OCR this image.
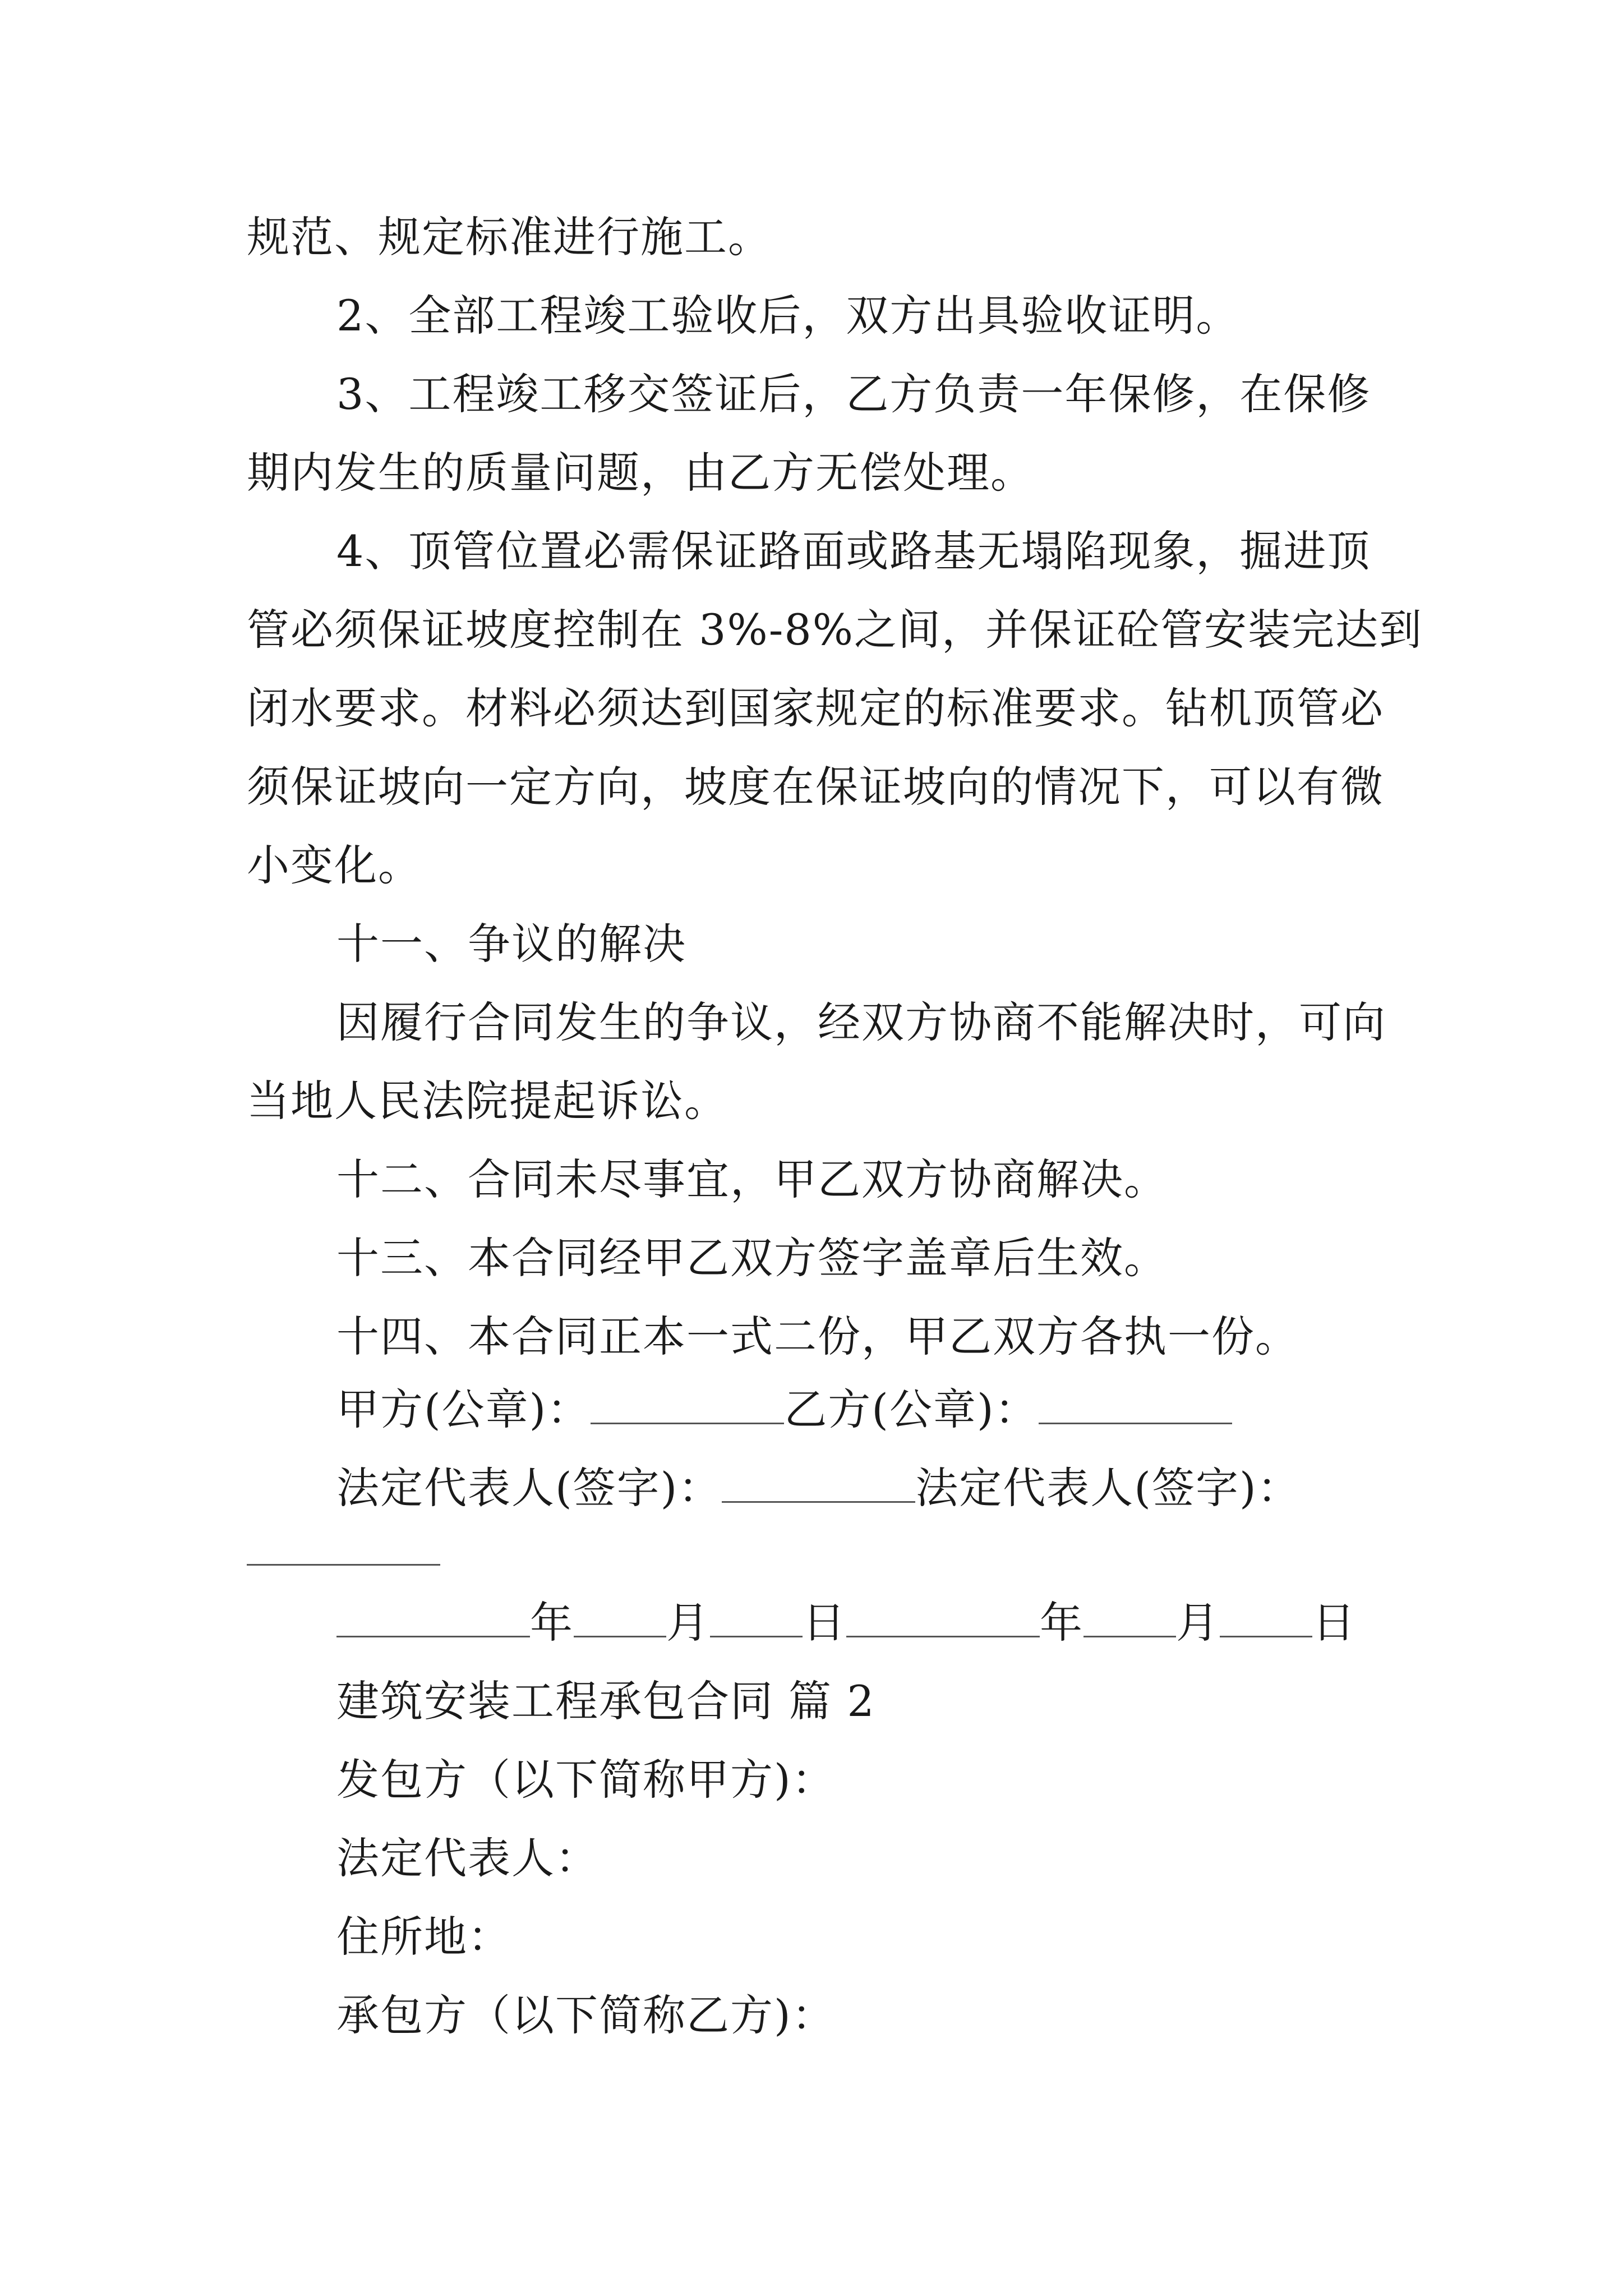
规范、规定标准进行施工。
2、全部工程竣工验收后，双方出具验收证明。
3、工程竣工移交签证后，乙方负责一年保修，在保修
期内发生的质量问题，由乙方无偿处理。
4、顶管位置必需保证路面或路基无塌陷现象，掘进顶
管必须保证坡度控制在 3%-8%之间，并保证砼管安装完达到
闭水要求。材料必须达到国家规定的标准要求。钻机顶管必
须保证坡向一定方向，坡度在保证坡向的情况下，可以有微
小变化。
十一、争议的解决
因履行合同发生的争议，经双方协商不能解决时，可向
当地人民法院提起诉讼。
十二、合同未尽事宜，甲乙双方协商解决。
十三、本合同经甲乙双方签字盖章后生效。
十四、本合同正本一式二份，甲乙双方各执一份。
甲方(公章)：	乙方(公章)：
法定代表人(签字)：	法定代表人(签字)：
年 月 日	年 月 日
建筑安装工程承包合同 篇 2
发包方（以下简称甲方)：
法定代表人：
住所地：
承包方（以下简称乙方)：
